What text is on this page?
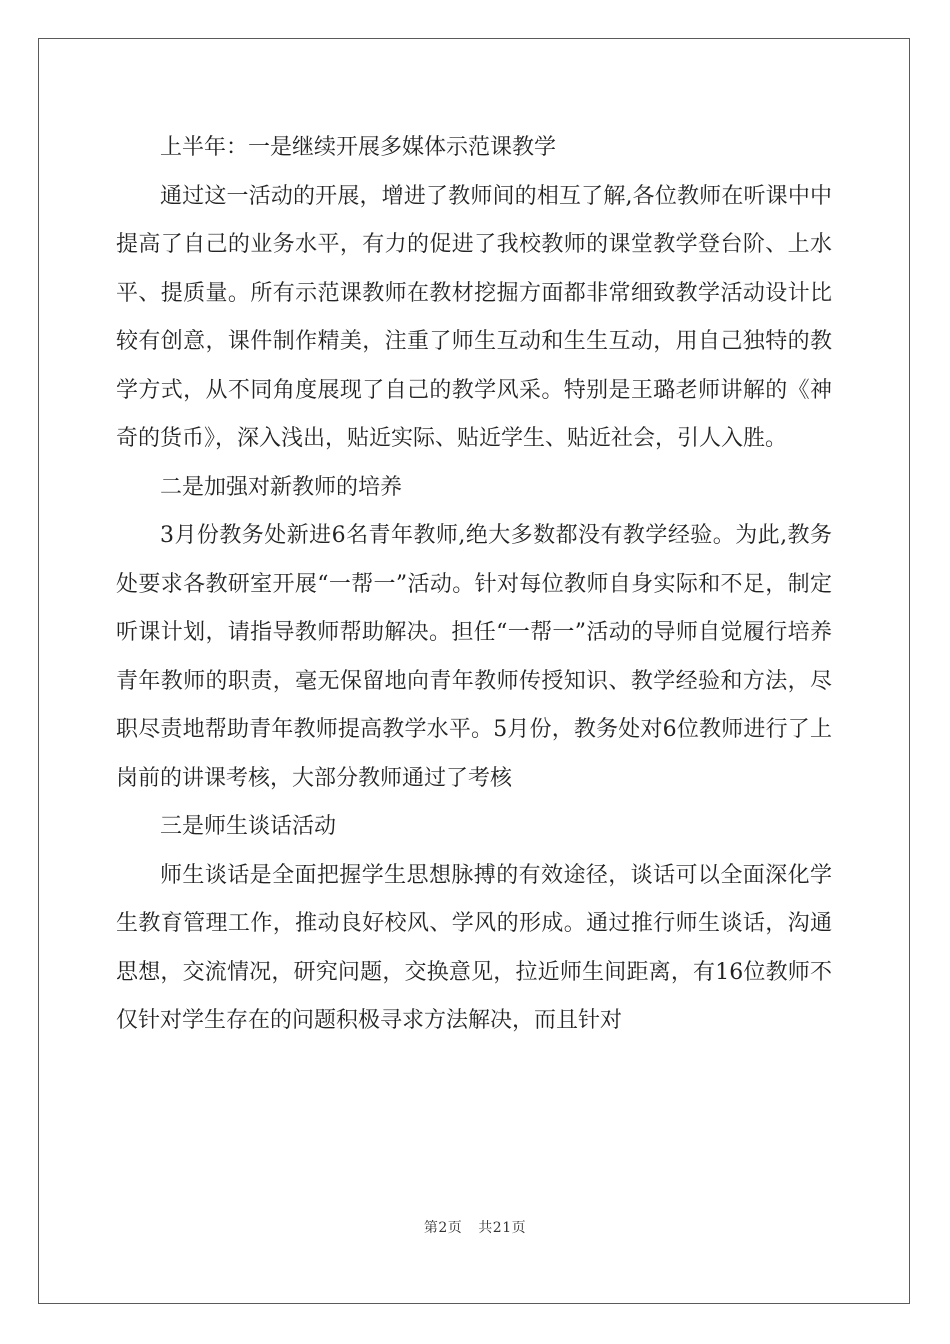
上半年：一是继续开展多媒体示范课教学

通过这一活动的开展，增进了教师间的相互了解,各位教师在听课中中提高了自己的业务水平，有力的促进了我校教师的课堂教学登台阶、上水平、提质量。所有示范课教师在教材挖掘方面都非常细致教学活动设计比较有创意，课件制作精美，注重了师生互动和生生互动，用自己独特的教学方式，从不同角度展现了自己的教学风采。特别是王璐老师讲解的《神奇的货币》，深入浅出，贴近实际、贴近学生、贴近社会，引人入胜。

二是加强对新教师的培养

3月份教务处新进6名青年教师,绝大多数都没有教学经验。为此,教务处要求各教研室开展“一帮一”活动。针对每位教师自身实际和不足，制定听课计划，请指导教师帮助解决。担任“一帮一”活动的导师自觉履行培养青年教师的职责，毫无保留地向青年教师传授知识、教学经验和方法，尽职尽责地帮助青年教师提高教学水平。5月份，教务处对6位教师进行了上岗前的讲课考核，大部分教师通过了考核

三是师生谈话活动

师生谈话是全面把握学生思想脉搏的有效途径，谈话可以全面深化学生教育管理工作，推动良好校风、学风的形成。通过推行师生谈话，沟通思想，交流情况，研究问题，交换意见，拉近师生间距离，有16位教师不仅针对学生存在的问题积极寻求方法解决，而且针对

第2页 共21页
